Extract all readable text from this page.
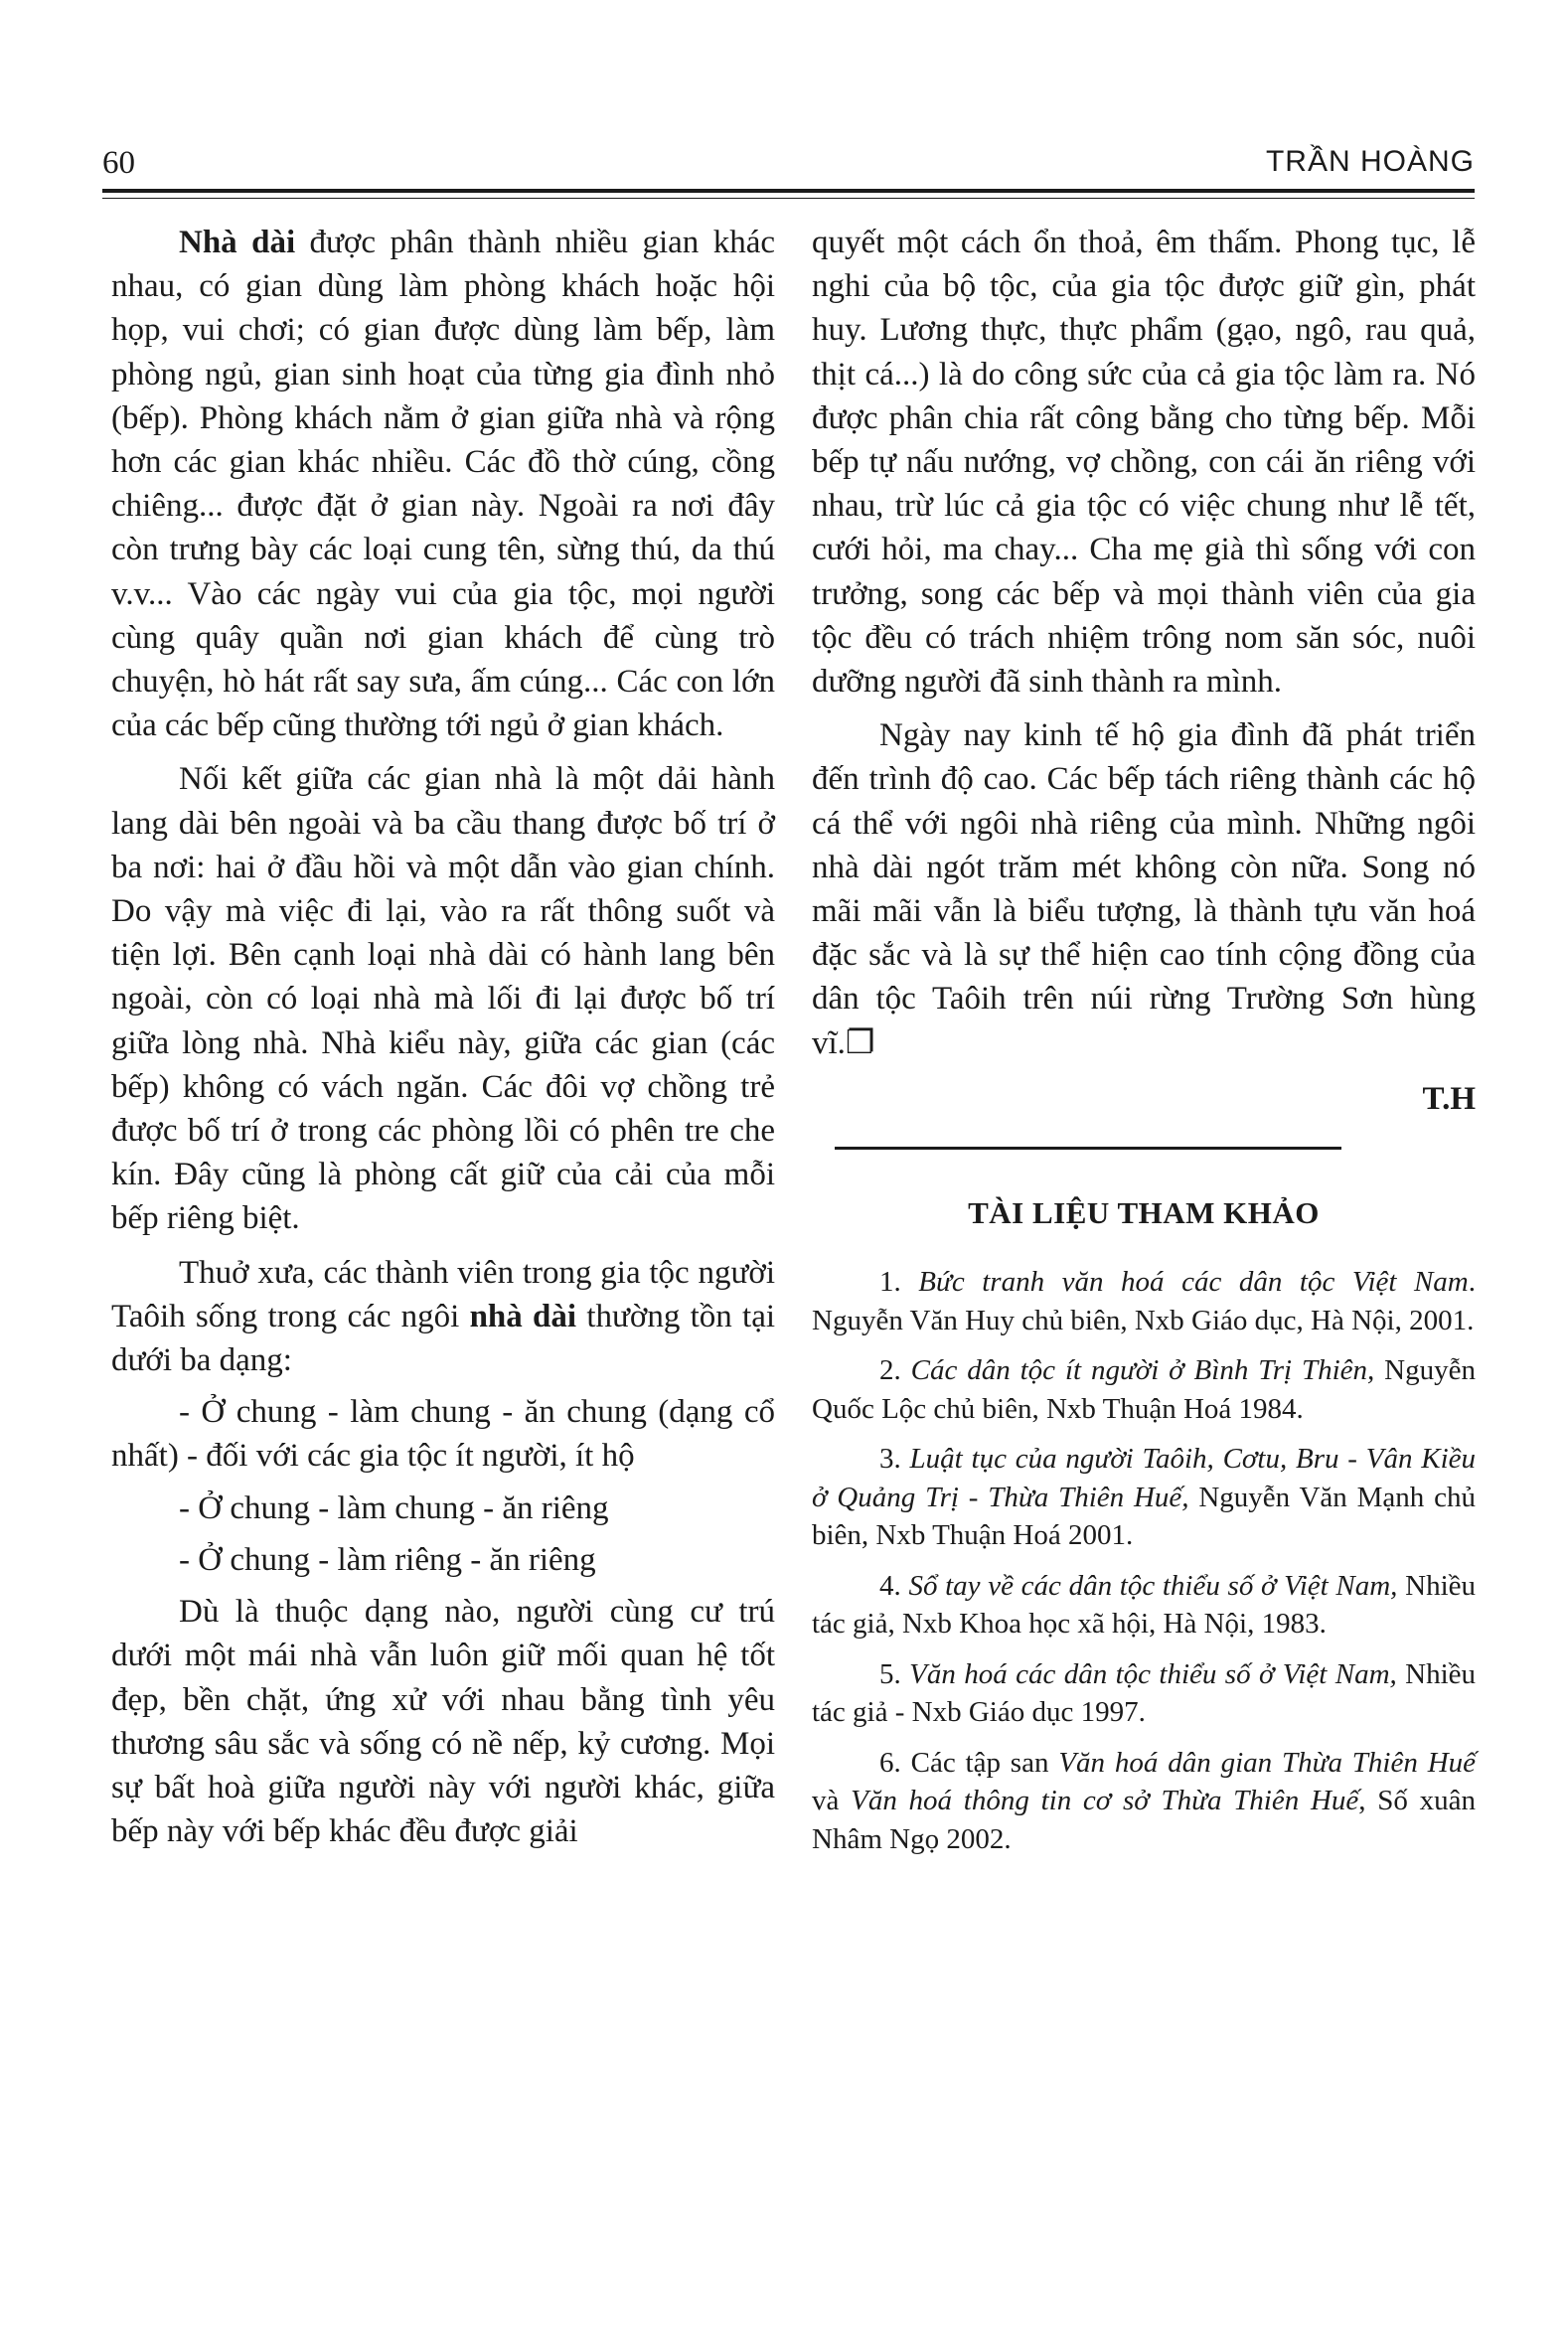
60	TRẦN HOÀNG

Nhà dài được phân thành nhiều gian khác nhau, có gian dùng làm phòng khách hoặc hội họp, vui chơi; có gian được dùng làm bếp, làm phòng ngủ, gian sinh hoạt của từng gia đình nhỏ (bếp). Phòng khách nằm ở gian giữa nhà và rộng hơn các gian khác nhiều. Các đồ thờ cúng, cồng chiêng... được đặt ở gian này. Ngoài ra nơi đây còn trưng bày các loại cung tên, sừng thú, da thú v.v... Vào các ngày vui của gia tộc, mọi người cùng quây quần nơi gian khách để cùng trò chuyện, hò hát rất say sưa, ấm cúng... Các con lớn của các bếp cũng thường tới ngủ ở gian khách.

Nối kết giữa các gian nhà là một dải hành lang dài bên ngoài và ba cầu thang được bố trí ở ba nơi: hai ở đầu hồi và một dẫn vào gian chính. Do vậy mà việc đi lại, vào ra rất thông suốt và tiện lợi. Bên cạnh loại nhà dài có hành lang bên ngoài, còn có loại nhà mà lối đi lại được bố trí giữa lòng nhà. Nhà kiểu này, giữa các gian (các bếp) không có vách ngăn. Các đôi vợ chồng trẻ được bố trí ở trong các phòng lồi có phên tre che kín. Đây cũng là phòng cất giữ của cải của mỗi bếp riêng biệt.

Thuở xưa, các thành viên trong gia tộc người Taôih sống trong các ngôi nhà dài thường tồn tại dưới ba dạng:

- Ở chung - làm chung - ăn chung (dạng cổ nhất) - đối với các gia tộc ít người, ít hộ

- Ở chung - làm chung - ăn riêng

- Ở chung - làm riêng - ăn riêng

Dù là thuộc dạng nào, người cùng cư trú dưới một mái nhà vẫn luôn giữ mối quan hệ tốt đẹp, bền chặt, ứng xử với nhau bằng tình yêu thương sâu sắc và sống có nề nếp, kỷ cương. Mọi sự bất hoà giữa người này với người khác, giữa bếp này với bếp khác đều được giải

quyết một cách ổn thoả, êm thấm. Phong tục, lễ nghi của bộ tộc, của gia tộc được giữ gìn, phát huy. Lương thực, thực phẩm (gạo, ngô, rau quả, thịt cá...) là do công sức của cả gia tộc làm ra. Nó được phân chia rất công bằng cho từng bếp. Mỗi bếp tự nấu nướng, vợ chồng, con cái ăn riêng với nhau, trừ lúc cả gia tộc có việc chung như lễ tết, cưới hỏi, ma chay... Cha mẹ già thì sống với con trưởng, song các bếp và mọi thành viên của gia tộc đều có trách nhiệm trông nom săn sóc, nuôi dưỡng người đã sinh thành ra mình.

Ngày nay kinh tế hộ gia đình đã phát triển đến trình độ cao. Các bếp tách riêng thành các hộ cá thể với ngôi nhà riêng của mình. Những ngôi nhà dài ngót trăm mét không còn nữa. Song nó mãi mãi vẫn là biểu tượng, là thành tựu văn hoá đặc sắc và là sự thể hiện cao tính cộng đồng của dân tộc Taôih trên núi rừng Trường Sơn hùng vĩ.❐

T.H

TÀI LIỆU THAM KHẢO

1. Bức tranh văn hoá các dân tộc Việt Nam. Nguyễn Văn Huy chủ biên, Nxb Giáo dục, Hà Nội, 2001.

2. Các dân tộc ít người ở Bình Trị Thiên, Nguyễn Quốc Lộc chủ biên, Nxb Thuận Hoá 1984.

3. Luật tục của người Taôih, Cơtu, Bru - Vân Kiều ở Quảng Trị - Thừa Thiên Huế, Nguyễn Văn Mạnh chủ biên, Nxb Thuận Hoá 2001.

4. Sổ tay về các dân tộc thiểu số ở Việt Nam, Nhiều tác giả, Nxb Khoa học xã hội, Hà Nội, 1983.

5. Văn hoá các dân tộc thiểu số ở Việt Nam, Nhiều tác giả - Nxb Giáo dục 1997.

6. Các tập san Văn hoá dân gian Thừa Thiên Huế và Văn hoá thông tin cơ sở Thừa Thiên Huế, Số xuân Nhâm Ngọ 2002.
